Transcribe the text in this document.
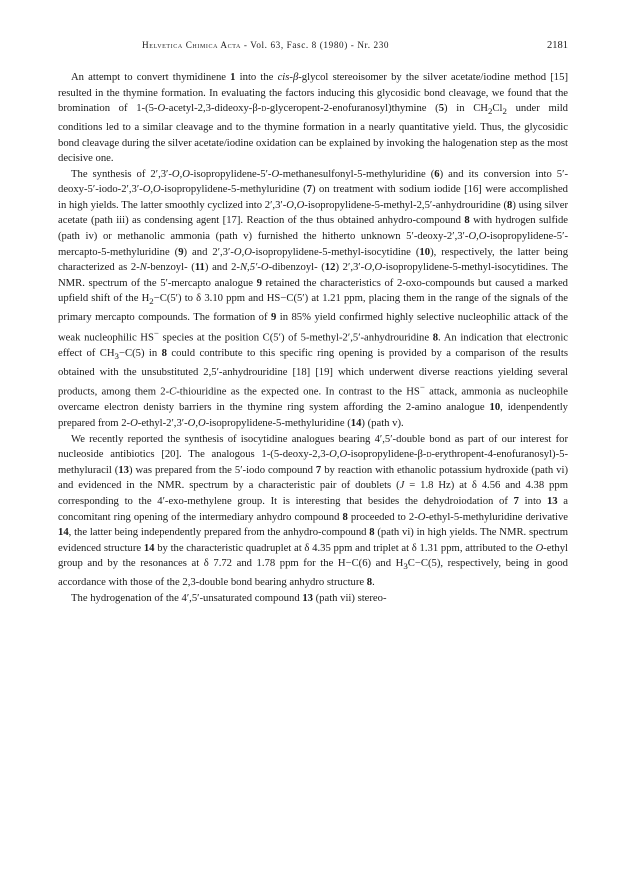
Helvetica Chimica Acta - Vol. 63, Fasc. 8 (1980) - Nr. 230	2181

An attempt to convert thymidinene 1 into the cis-β-glycol stereoisomer by the silver acetate/iodine method [15] resulted in the thymine formation. In evaluating the factors inducing this glycosidic bond cleavage, we found that the bromination of 1-(5-O-acetyl-2,3-dideoxy-β-d-glyceropent-2-enofuranosyl)thymine (5) in $CH_2Cl_2$ under mild conditions led to a similar cleavage and to the thymine formation in a nearly quantitative yield. Thus, the glycosidic bond cleavage during the silver acetate/iodine oxidation can be explained by invoking the halogenation step as the most decisive one.

The synthesis of 2′,3′-O,O-isopropylidene-5′-O-methanesulfonyl-5-methyluridine (6) and its conversion into 5′-deoxy-5′-iodo-2′,3′-O,O-isopropylidene-5-methyluridine (7) on treatment with sodium iodide [16] were accomplished in high yields. The latter smoothly cyclized into 2′,3′-O,O-isopropylidene-5-methyl-2,5′-anhydrouridine (8) using silver acetate (path iii) as condensing agent [17]. Reaction of the thus obtained anhydro-compound 8 with hydrogen sulfide (path iv) or methanolic ammonia (path v) furnished the hitherto unknown 5′-deoxy-2′,3′-O,O-isopropylidene-5′-mercapto-5-methyluridine (9) and 2′,3′-O,O-isopropylidene-5-methyl-isocytidine (10), respectively, the latter being characterized as 2-N-benzoyl- (11) and 2-N,5′-O-dibenzoyl- (12) 2′,3′-O,O-isopropylidene-5-methyl-isocytidines. The NMR. spectrum of the 5′-mercapto analogue 9 retained the characteristics of 2-oxo-compounds but caused a marked upfield shift of the $H_2-C(5')$ to δ 3.10 ppm and HS−C(5′) at 1.21 ppm, placing them in the range of the signals of the primary mercapto compounds. The formation of 9 in 85% yield confirmed highly selective nucleophilic attack of the weak nucleophilic HS− species at the position C(5′) of 5-methyl-2′,5′-anhydrouridine 8. An indication that electronic effect of $CH_3-C(5)$ in 8 could contribute to this specific ring opening is provided by a comparison of the results obtained with the unsubstituted 2,5′-anhydrouridine [18] [19] which underwent diverse reactions yielding several products, among them 2-C-thiouridine as the expected one. In contrast to the HS− attack, ammonia as nucleophile overcame electron denisty barriers in the thymine ring system affording the 2-amino analogue 10, idenpendently prepared from 2-O-ethyl-2′,3′-O,O-isopropylidene-5-methyluridine (14) (path v).

We recently reported the synthesis of isocytidine analogues bearing 4′,5′-double bond as part of our interest for nucleoside antibiotics [20]. The analogous 1-(5-deoxy-2,3-O,O-isopropylidene-β-d-erythropent-4-enofuranosyl)-5-methyluracil (13) was prepared from the 5′-iodo compound 7 by reaction with ethanolic potassium hydroxide (path vi) and evidenced in the NMR. spectrum by a characteristic pair of doublets (J = 1.8 Hz) at δ 4.56 and 4.38 ppm corresponding to the 4′-exo-methylene group. It is interesting that besides the dehydroiodation of 7 into 13 a concomitant ring opening of the intermediary anhydro compound 8 proceeded to 2-O-ethyl-5-methyluridine derivative 14, the latter being independently prepared from the anhydro-compound 8 (path vi) in high yields. The NMR. spectrum evidenced structure 14 by the characteristic quadruplet at δ 4.35 ppm and triplet at δ 1.31 ppm, attributed to the O-ethyl group and by the resonances at δ 7.72 and 1.78 ppm for the H−C(6) and $H_3C-C(5)$, respectively, being in good accordance with those of the 2,3-double bond bearing anhydro structure 8.

The hydrogenation of the 4′,5′-unsaturated compound 13 (path vii) stereo-
